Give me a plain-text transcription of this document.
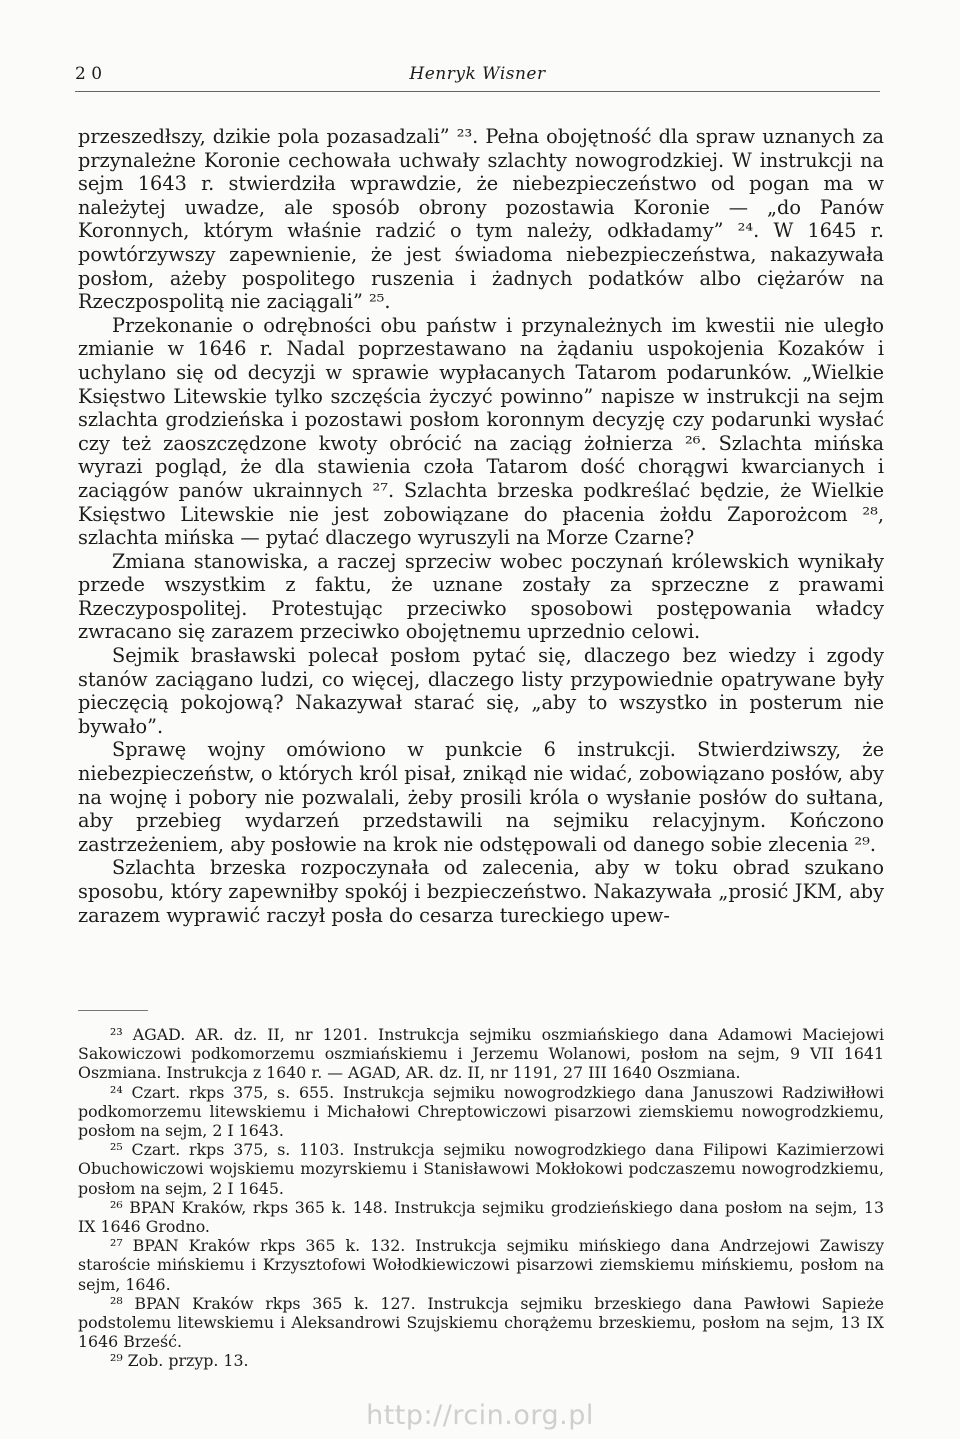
2 0	Henryk Wisner

przeszedłszy, dzikie pola pozasadzali” ²³. Pełna obojętność dla spraw uznanych za przynależne Koronie cechowała uchwały szlachty nowogrodzkiej. W instrukcji na sejm 1643 r. stwierdziła wprawdzie, że niebezpieczeństwo od pogan ma w należytej uwadze, ale sposób obrony pozostawia Koronie — „do Panów Koronnych, którym właśnie radzić o tym należy, odkładamy” ²⁴. W 1645 r. powtórzywszy zapewnienie, że jest świadoma niebezpieczeństwa, nakazywała posłom, ażeby pospolitego ruszenia i żadnych podatków albo ciężarów na Rzeczpospolitą nie zaciągali” ²⁵.

Przekonanie o odrębności obu państw i przynależnych im kwestii nie uległo zmianie w 1646 r. Nadal poprzestawano na żądaniu uspokojenia Kozaków i uchylano się od decyzji w sprawie wypłacanych Tatarom podarunków. „Wielkie Księstwo Litewskie tylko szczęścia życzyć powinno” napisze w instrukcji na sejm szlachta grodzieńska i pozostawi posłom koronnym decyzję czy podarunki wysłać czy też zaoszczędzone kwoty obrócić na zaciąg żołnierza ²⁶. Szlachta mińska wyrazi pogląd, że dla stawienia czoła Tatarom dość chorągwi kwarcianych i zaciągów panów ukrainnych ²⁷. Szlachta brzeska podkreślać będzie, że Wielkie Księstwo Litewskie nie jest zobowiązane do płacenia żołdu Zaporożcom ²⁸, szlachta mińska — pytać dlaczego wyruszyli na Morze Czarne?

Zmiana stanowiska, a raczej sprzeciw wobec poczynań królewskich wynikały przede wszystkim z faktu, że uznane zostały za sprzeczne z prawami Rzeczypospolitej. Protestując przeciwko sposobowi postępowania władcy zwracano się zarazem przeciwko obojętnemu uprzednio celowi.

Sejmik brasławski polecał posłom pytać się, dlaczego bez wiedzy i zgody stanów zaciągano ludzi, co więcej, dlaczego listy przypowiednie opatrywane były pieczęcią pokojową? Nakazywał starać się, „aby to wszystko in posterum nie bywało”.

Sprawę wojny omówiono w punkcie 6 instrukcji. Stwierdziwszy, że niebezpieczeństw, o których król pisał, znikąd nie widać, zobowiązano posłów, aby na wojnę i pobory nie pozwalali, żeby prosili króla o wysłanie posłów do sułtana, aby przebieg wydarzeń przedstawili na sejmiku relacyjnym. Kończono zastrzeżeniem, aby posłowie na krok nie odstępowali od danego sobie zlecenia ²⁹.

Szlachta brzeska rozpoczynała od zalecenia, aby w toku obrad szukano sposobu, który zapewniłby spokój i bezpieczeństwo. Nakazywała „prosić JKM, aby zarazem wyprawić raczył posła do cesarza tureckiego upew-

²³ AGAD. AR. dz. II, nr 1201. Instrukcja sejmiku oszmiańskiego dana Adamowi Maciejowi Sakowiczowi podkomorzemu oszmiańskiemu i Jerzemu Wolanowi, posłom na sejm, 9 VII 1641 Oszmiana. Instrukcja z 1640 r. — AGAD, AR. dz. II, nr 1191, 27 III 1640 Oszmiana.

²⁴ Czart. rkps 375, s. 655. Instrukcja sejmiku nowogrodzkiego dana Januszowi Radziwiłłowi podkomorzemu litewskiemu i Michałowi Chreptowiczowi pisarzowi ziemskiemu nowogrodzkiemu, posłom na sejm, 2 I 1643.

²⁵ Czart. rkps 375, s. 1103. Instrukcja sejmiku nowogrodzkiego dana Filipowi Kazimierzowi Obuchowiczowi wojskiemu mozyrskiemu i Stanisławowi Mokłokowi podczaszemu nowogrodzkiemu, posłom na sejm, 2 I 1645.

²⁶ BPAN Kraków, rkps 365 k. 148. Instrukcja sejmiku grodzieńskiego dana posłom na sejm, 13 IX 1646 Grodno.

²⁷ BPAN Kraków rkps 365 k. 132. Instrukcja sejmiku mińskiego dana Andrzejowi Zawiszy staroście mińskiemu i Krzysztofowi Wołodkiewiczowi pisarzowi ziemskiemu mińskiemu, posłom na sejm, 1646.

²⁸ BPAN Kraków rkps 365 k. 127. Instrukcja sejmiku brzeskiego dana Pawłowi Sapieże podstolemu litewskiemu i Aleksandrowi Szujskiemu chorążemu brzeskiemu, posłom na sejm, 13 IX 1646 Brześć.

²⁹ Zob. przyp. 13.

http://rcin.org.pl
